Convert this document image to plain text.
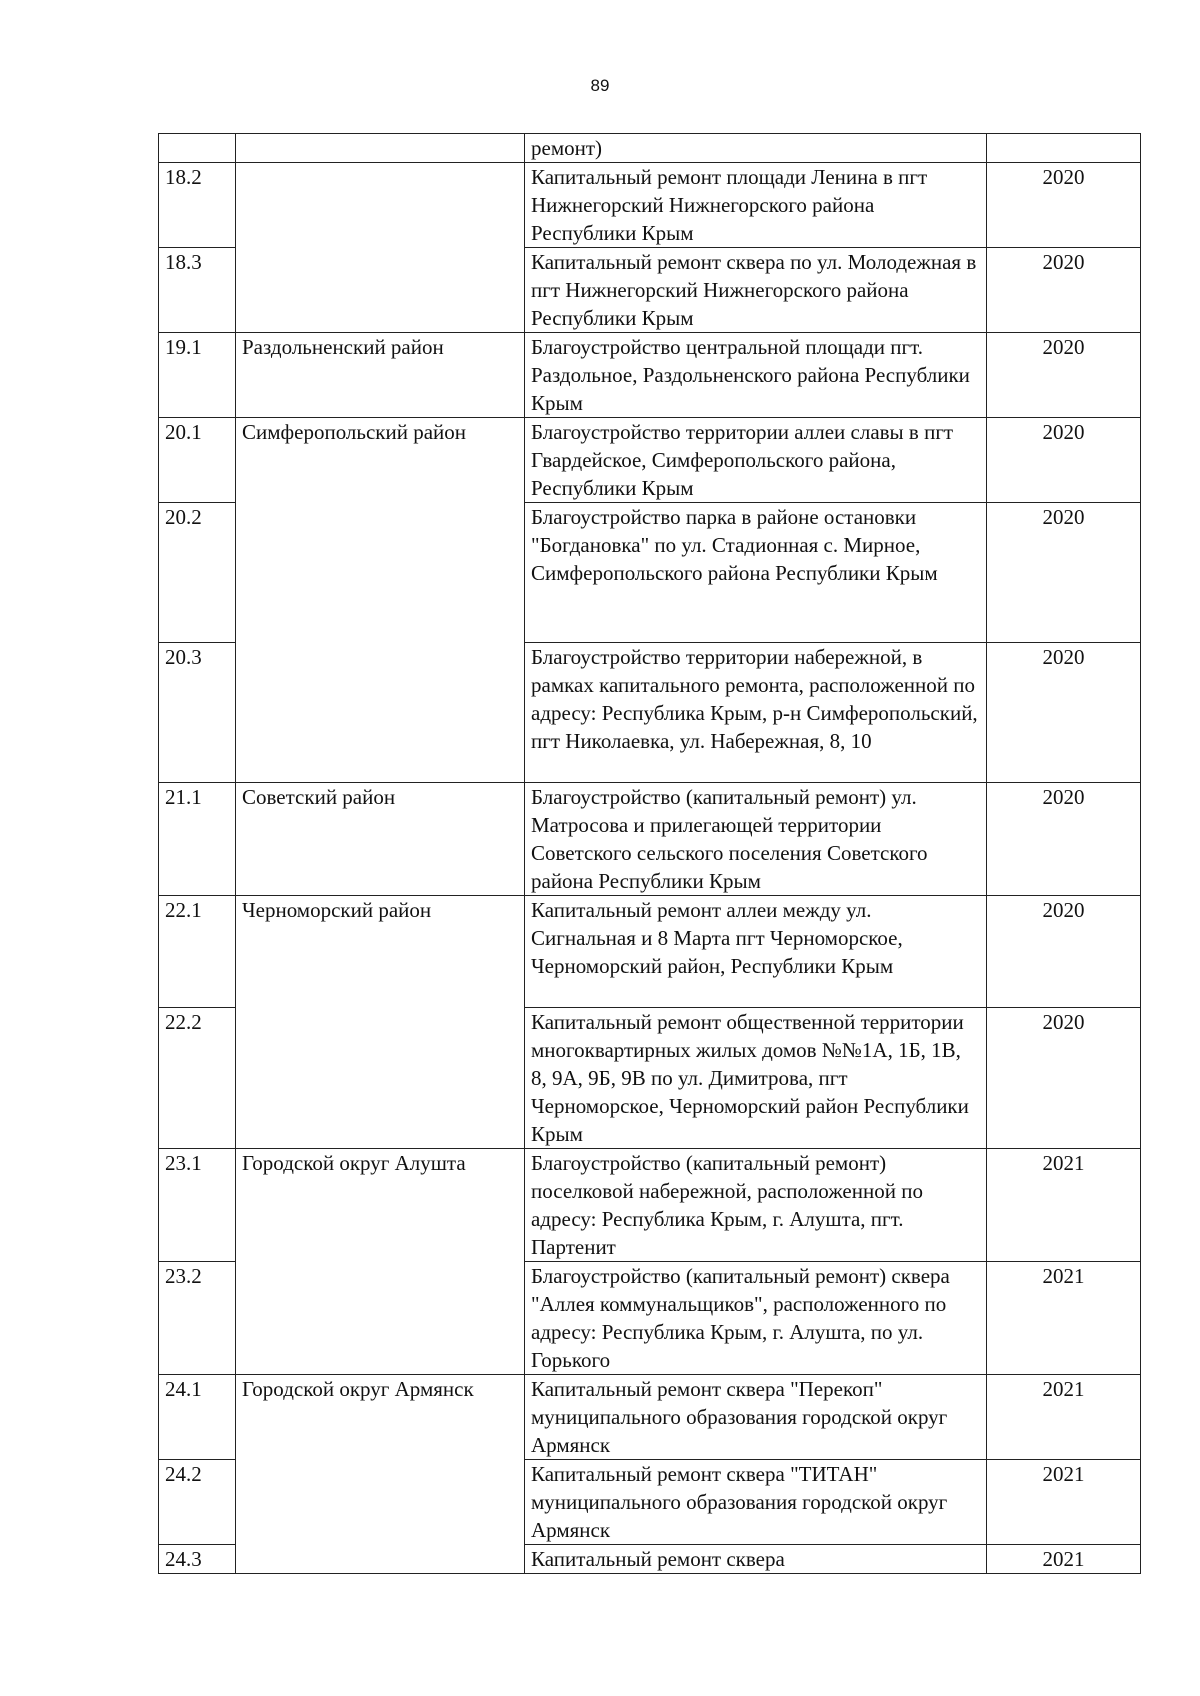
89
		ремонт)	
18.2		Капитальный ремонт площади Ленина в пгт Нижнегорский Нижнегорского района Республики Крым	2020
18.3		Капитальный ремонт сквера по ул. Молодежная в пгт Нижнегорский Нижнегорского района Республики Крым	2020
19.1	Раздольненский район	Благоустройство центральной площади пгт. Раздольное, Раздольненского района Республики Крым	2020
20.1	Симферопольский район	Благоустройство территории аллеи славы в пгт Гвардейское, Симферопольского района, Республики Крым	2020
20.2		Благоустройство парка в районе остановки "Богдановка" по ул. Стадионная с. Мирное, Симферопольского района Республики Крым	2020
20.3		Благоустройство территории набережной, в рамках капитального ремонта, расположенной по адресу: Республика Крым, р-н Симферопольский, пгт Николаевка, ул. Набережная, 8, 10	2020
21.1	Советский район	Благоустройство (капитальный ремонт) ул. Матросова и прилегающей территории Советского сельского поселения Советского района Республики Крым	2020
22.1	Черноморский район	Капитальный ремонт аллеи между ул. Сигнальная и 8 Марта пгт Черноморское, Черноморский район, Республики Крым	2020
22.2		Капитальный ремонт общественной территории многоквартирных жилых домов №№1А, 1Б, 1В, 8, 9А, 9Б, 9В по ул. Димитрова, пгт Черноморское, Черноморский район Республики Крым	2020
23.1	Городской округ Алушта	Благоустройство (капитальный ремонт) поселковой набережной, расположенной по адресу: Республика Крым, г. Алушта, пгт. Партенит	2021
23.2		Благоустройство (капитальный ремонт) сквера "Аллея коммунальщиков", расположенного по адресу: Республика Крым, г. Алушта, по ул. Горького	2021
24.1	Городской округ Армянск	Капитальный ремонт сквера "Перекоп" муниципального образования городской округ Армянск	2021
24.2		Капитальный ремонт сквера "ТИТАН" муниципального образования городской округ Армянск	2021
24.3		Капитальный ремонт сквера	2021
